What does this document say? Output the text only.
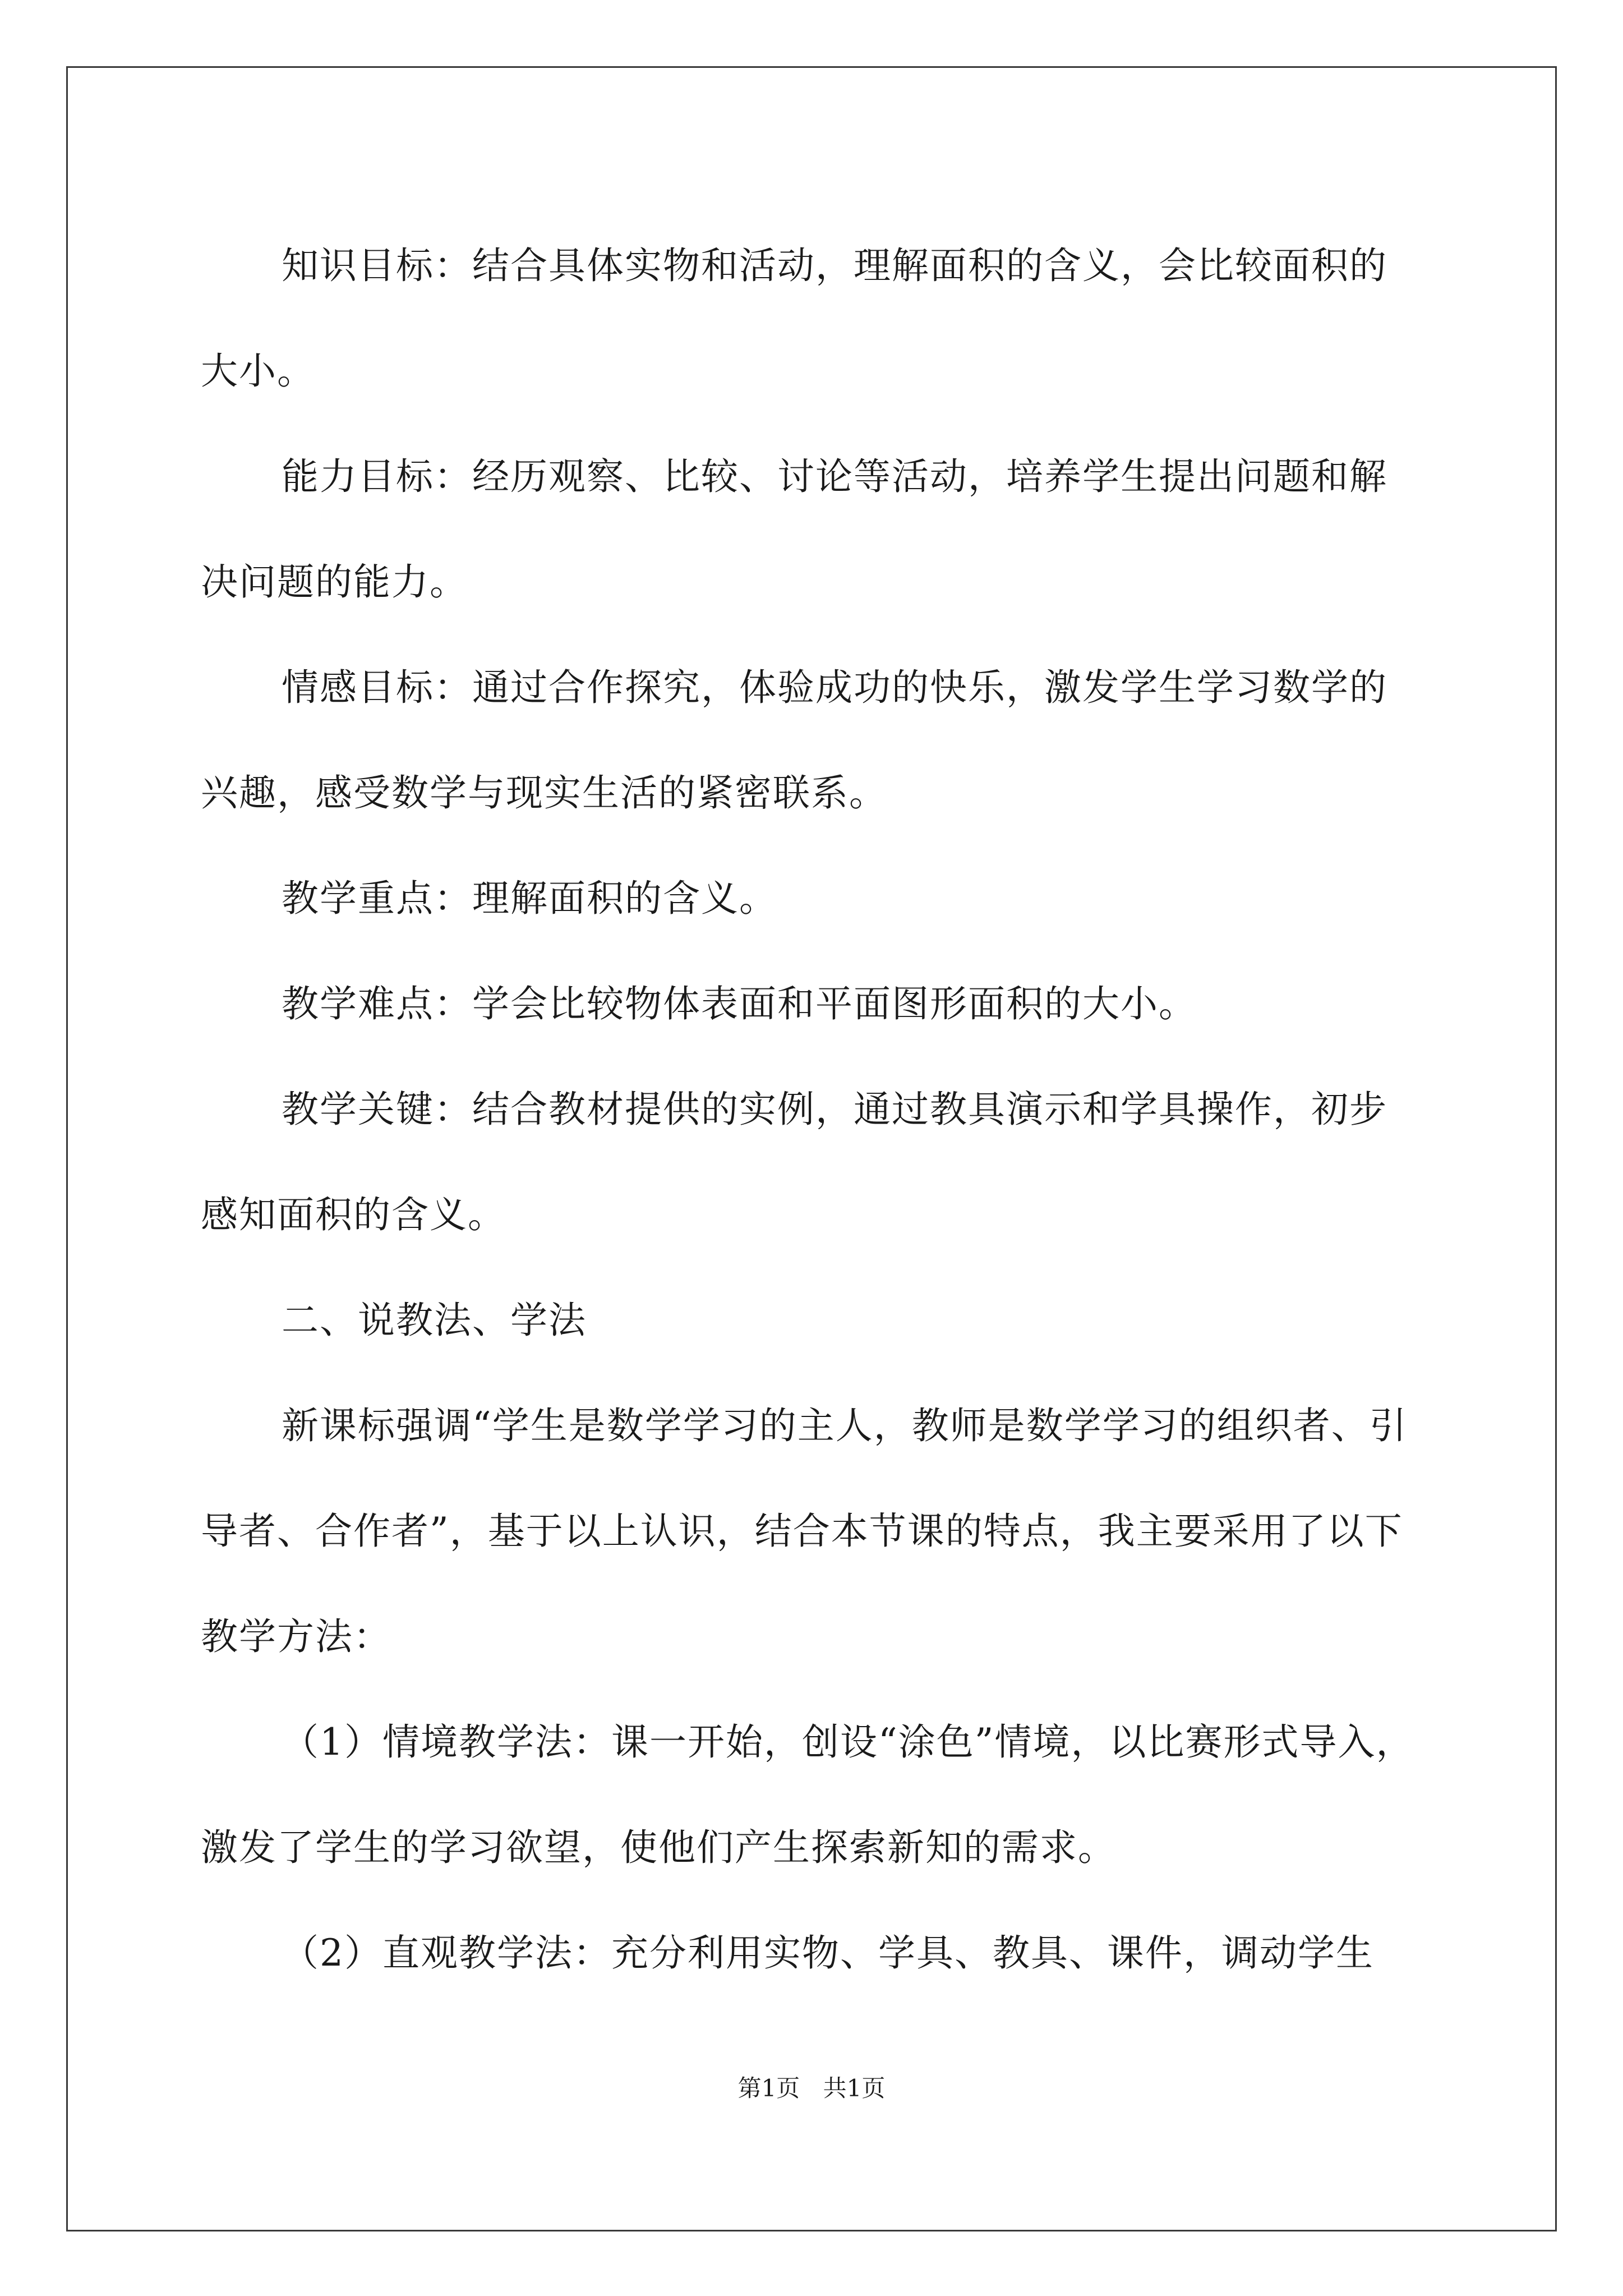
知识目标：结合具体实物和活动，理解面积的含义，会比较面积的大小。

能力目标：经历观察、比较、讨论等活动，培养学生提出问题和解决问题的能力。

情感目标：通过合作探究，体验成功的快乐，激发学生学习数学的兴趣，感受数学与现实生活的紧密联系。

教学重点：理解面积的含义。

教学难点：学会比较物体表面和平面图形面积的大小。

教学关键：结合教材提供的实例，通过教具演示和学具操作，初步感知面积的含义。

二、说教法、学法

新课标强调“学生是数学学习的主人，教师是数学学习的组织者、引导者、合作者”，基于以上认识，结合本节课的特点，我主要采用了以下教学方法：

（1）情境教学法：课一开始，创设“涂色”情境，以比赛形式导入，激发了学生的学习欲望，使他们产生探索新知的需求。

（2）直观教学法：充分利用实物、学具、教具、课件，调动学生

第1页 共1页
